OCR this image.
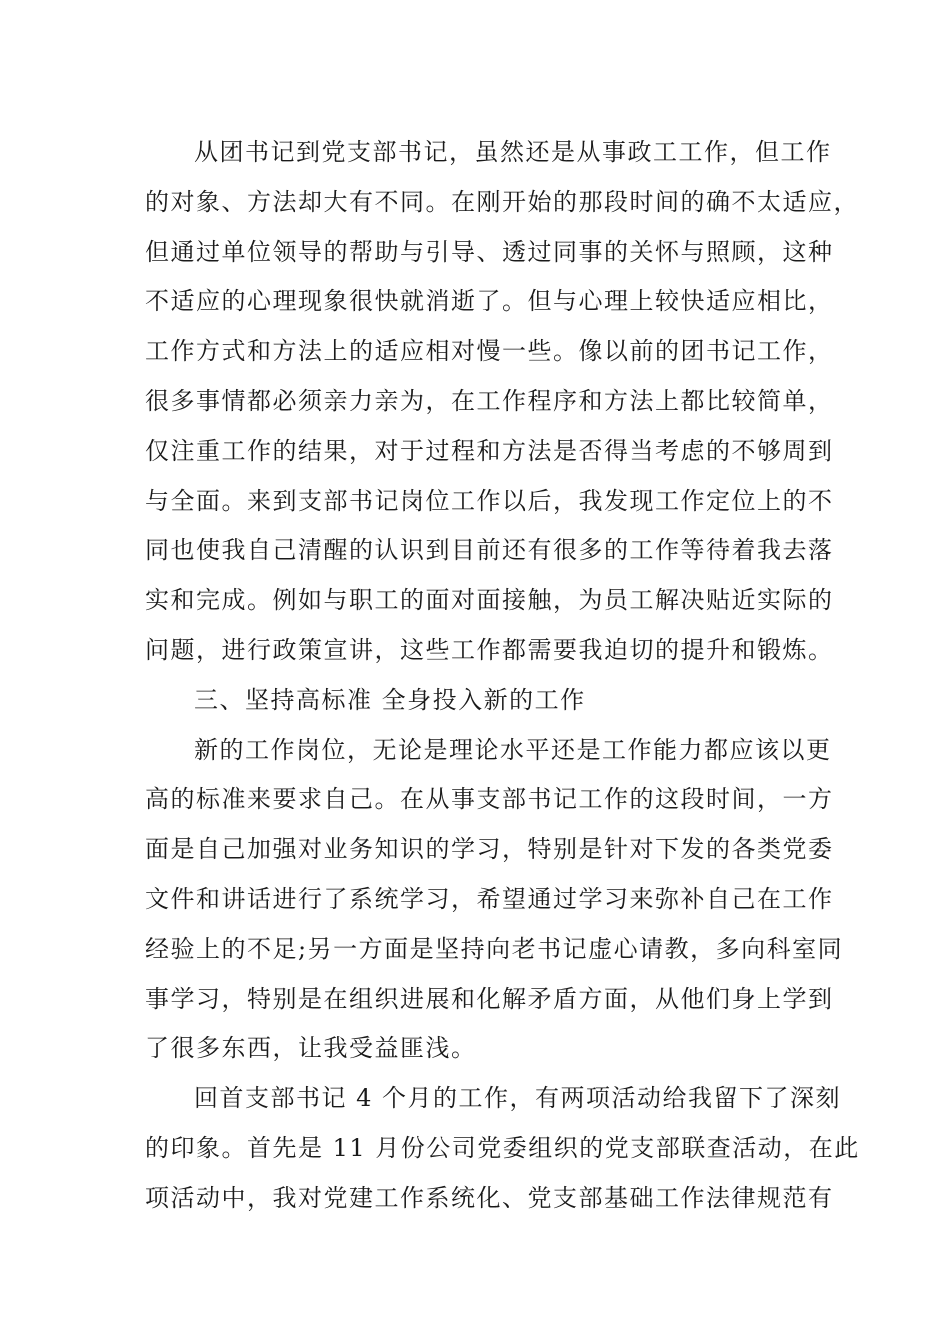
从团书记到党支部书记，虽然还是从事政工工作，但工作
的对象、方法却大有不同。在刚开始的那段时间的确不太适应，
但通过单位领导的帮助与引导、透过同事的关怀与照顾，这种
不适应的心理现象很快就消逝了。但与心理上较快适应相比，
工作方式和方法上的适应相对慢一些。像以前的团书记工作，
很多事情都必须亲力亲为，在工作程序和方法上都比较简单，
仅注重工作的结果，对于过程和方法是否得当考虑的不够周到
与全面。来到支部书记岗位工作以后，我发现工作定位上的不
同也使我自己清醒的认识到目前还有很多的工作等待着我去落
实和完成。例如与职工的面对面接触，为员工解决贴近实际的
问题，进行政策宣讲，这些工作都需要我迫切的提升和锻炼。
三、坚持高标准 全身投入新的工作
新的工作岗位，无论是理论水平还是工作能力都应该以更
高的标准来要求自己。在从事支部书记工作的这段时间，一方
面是自己加强对业务知识的学习，特别是针对下发的各类党委
文件和讲话进行了系统学习，希望通过学习来弥补自己在工作
经验上的不足;另一方面是坚持向老书记虚心请教，多向科室同
事学习，特别是在组织进展和化解矛盾方面，从他们身上学到
了很多东西，让我受益匪浅。
回首支部书记 4 个月的工作，有两项活动给我留下了深刻
的印象。首先是 11 月份公司党委组织的党支部联查活动，在此
项活动中，我对党建工作系统化、党支部基础工作法律规范有
